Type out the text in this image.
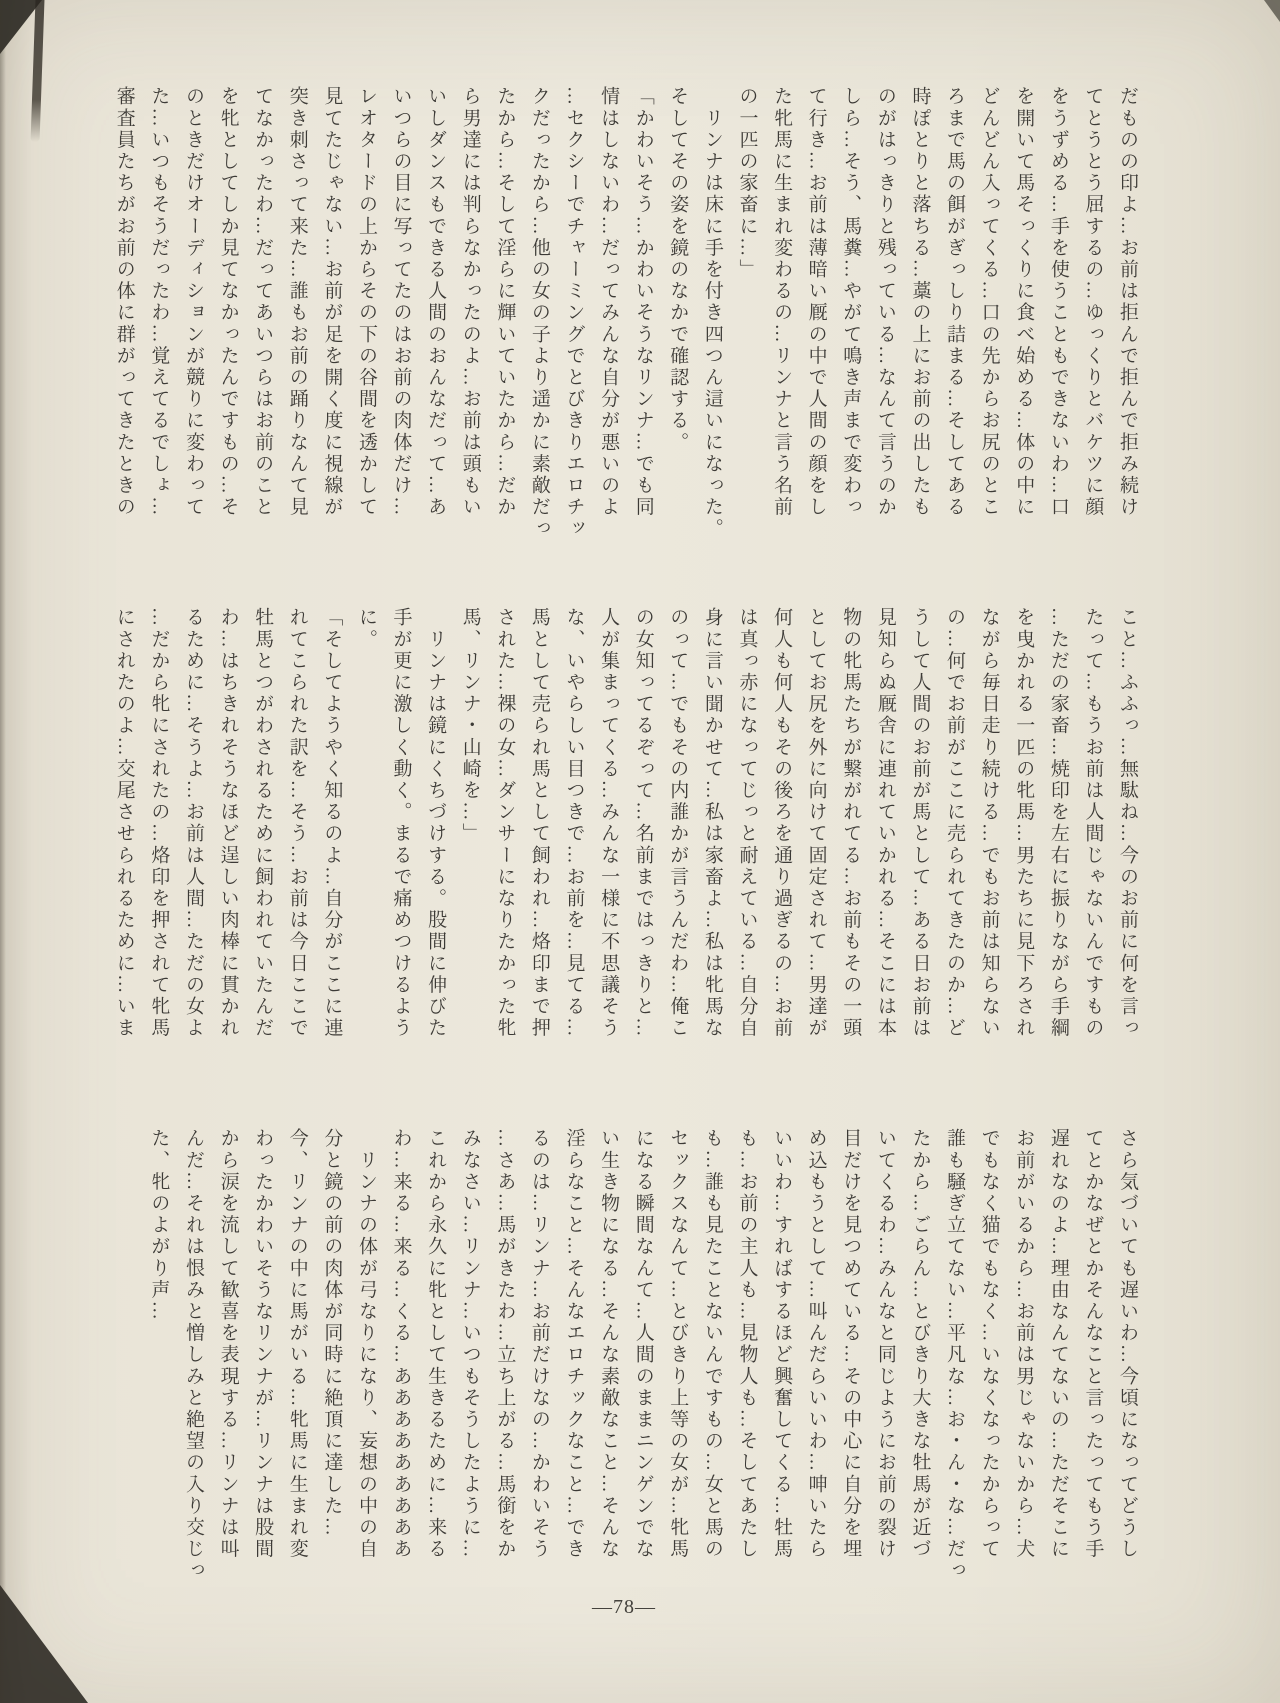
だものの印よ…お前は拒んで拒んで拒み続け
てとうとう屈するの…ゆっくりとバケツに顔
をうずめる…手を使うこともできないわ…口
を開いて馬そっくりに食べ始める…体の中に
どんどん入ってくる…口の先からお尻のとこ
ろまで馬の餌がぎっしり詰まる…そしてある
時ぽとりと落ちる…藁の上にお前の出したも
のがはっきりと残っている…なんて言うのか
しら…そう、馬糞…やがて鳴き声まで変わっ
て行き…お前は薄暗い厩の中で人間の顔をし
た牝馬に生まれ変わるの…リンナと言う名前
の一匹の家畜に…」
　リンナは床に手を付き四つん這いになった。
そしてその姿を鏡のなかで確認する。
「かわいそう…かわいそうなリンナ…でも同
情はしないわ…だってみんな自分が悪いのよ
…セクシーでチャーミングでとびきりエロチッ
クだったから…他の女の子より遥かに素敵だっ
たから…そして淫らに輝いていたから…だか
ら男達には判らなかったのよ…お前は頭もい
いしダンスもできる人間のおんなだって…あ
いつらの目に写ってたのはお前の肉体だけ…
レオタードの上からその下の谷間を透かして
見てたじゃない…お前が足を開く度に視線が
突き刺さって来た…誰もお前の踊りなんて見
てなかったわ…だってあいつらはお前のこと
を牝としてしか見てなかったんですもの…そ
のときだけオーディションが競りに変わって
た…いつもそうだったわ…覚えてるでしょ…
審査員たちがお前の体に群がってきたときの
こと…ふふっ…無駄ね…今のお前に何を言っ
たって…もうお前は人間じゃないんですもの
…ただの家畜…焼印を左右に振りながら手綱
を曳かれる一匹の牝馬…男たちに見下ろされ
ながら毎日走り続ける…でもお前は知らない
の…何でお前がここに売られてきたのか…ど
うして人間のお前が馬として…ある日お前は
見知らぬ厩舎に連れていかれる…そこには本
物の牝馬たちが繋がれてる…お前もその一頭
としてお尻を外に向けて固定されて…男達が
何人も何人もその後ろを通り過ぎるの…お前
は真っ赤になってじっと耐えている…自分自
身に言い聞かせて…私は家畜よ…私は牝馬な
のって…でもその内誰かが言うんだわ…俺こ
の女知ってるぞって…名前まではっきりと…
人が集まってくる…みんな一様に不思議そう
な、いやらしい目つきで…お前を…見てる…
馬として売られ馬として飼われ…烙印まで押
された…裸の女…ダンサーになりたかった牝
馬、リンナ・山崎を…」
　リンナは鏡にくちづけする。股間に伸びた
手が更に激しく動く。まるで痛めつけるよう
に。
「そしてようやく知るのよ…自分がここに連
れてこられた訳を…そう…お前は今日ここで
牡馬とつがわされるために飼われていたんだ
わ…はちきれそうなほど逞しい肉棒に貫かれ
るために…そうよ…お前は人間…ただの女よ
…だから牝にされたの…烙印を押されて牝馬
にされたのよ…交尾させられるために…いま
さら気づいても遅いわ…今頃になってどうし
てとかなぜとかそんなこと言ったってもう手
遅れなのよ…理由なんてないの…ただそこに
お前がいるから…お前は男じゃないから…犬
でもなく猫でもなく…いなくなったからって
誰も騒ぎ立てない…平凡な…お・ん・な…だっ
たから…ごらん…とびきり大きな牡馬が近づ
いてくるわ…みんなと同じようにお前の裂け
目だけを見つめている…その中心に自分を埋
め込もうとして…叫んだらいいわ…呻いたら
いいわ…すればするほど興奮してくる…牡馬
も…お前の主人も…見物人も…そしてあたし
も…誰も見たことないんですもの…女と馬の
セックスなんて…とびきり上等の女が…牝馬
になる瞬間なんて…人間のままニンゲンでな
い生き物になる…そんな素敵なこと…そんな
淫らなこと…そんなエロチックなこと…でき
るのは…リンナ…お前だけなの…かわいそう
…さあ…馬がきたわ…立ち上がる…馬銜をか
みなさい…リンナ…いつもそうしたように…
これから永久に牝として生きるために…来る
わ…来る…来る…くる…あああああああああ
　リンナの体が弓なりになり、妄想の中の自
分と鏡の前の肉体が同時に絶頂に達した…
今、リンナの中に馬がいる…牝馬に生まれ変
わったかわいそうなリンナが…リンナは股間
から涙を流して歓喜を表現する…リンナは叫
んだ…それは恨みと憎しみと絶望の入り交じっ
た、牝のよがり声…
―78―
